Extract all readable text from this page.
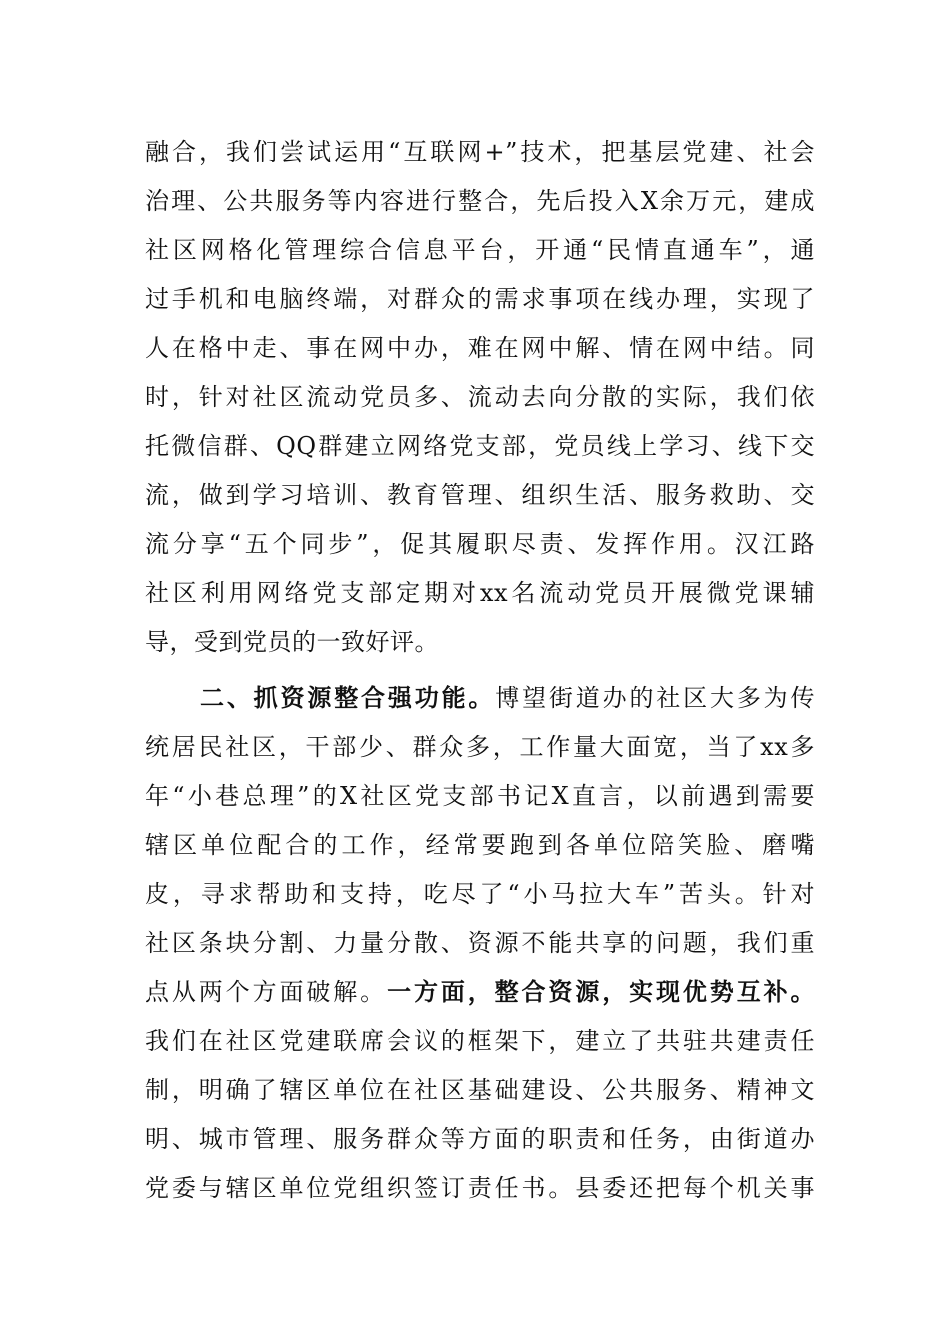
融合，我们尝试运用“互联网+”技术，把基层党建、社会
治理、公共服务等内容进行整合，先后投入X余万元，建成
社区网格化管理综合信息平台，开通“民情直通车”，通
过手机和电脑终端，对群众的需求事项在线办理，实现了
人在格中走、事在网中办，难在网中解、情在网中结。同
时，针对社区流动党员多、流动去向分散的实际，我们依
托微信群、QQ群建立网络党支部，党员线上学习、线下交
流，做到学习培训、教育管理、组织生活、服务救助、交
流分享“五个同步”，促其履职尽责、发挥作用。汉江路
社区利用网络党支部定期对xx名流动党员开展微党课辅
导，受到党员的一致好评。
二、抓资源整合强功能。博望街道办的社区大多为传
统居民社区，干部少、群众多，工作量大面宽，当了xx多
年“小巷总理”的X社区党支部书记X直言，以前遇到需要
辖区单位配合的工作，经常要跑到各单位陪笑脸、磨嘴
皮，寻求帮助和支持，吃尽了“小马拉大车”苦头。针对
社区条块分割、力量分散、资源不能共享的问题，我们重
点从两个方面破解。一方面，整合资源，实现优势互补。
我们在社区党建联席会议的框架下，建立了共驻共建责任
制，明确了辖区单位在社区基础建设、公共服务、精神文
明、城市管理、服务群众等方面的职责和任务，由街道办
党委与辖区单位党组织签订责任书。县委还把每个机关事
